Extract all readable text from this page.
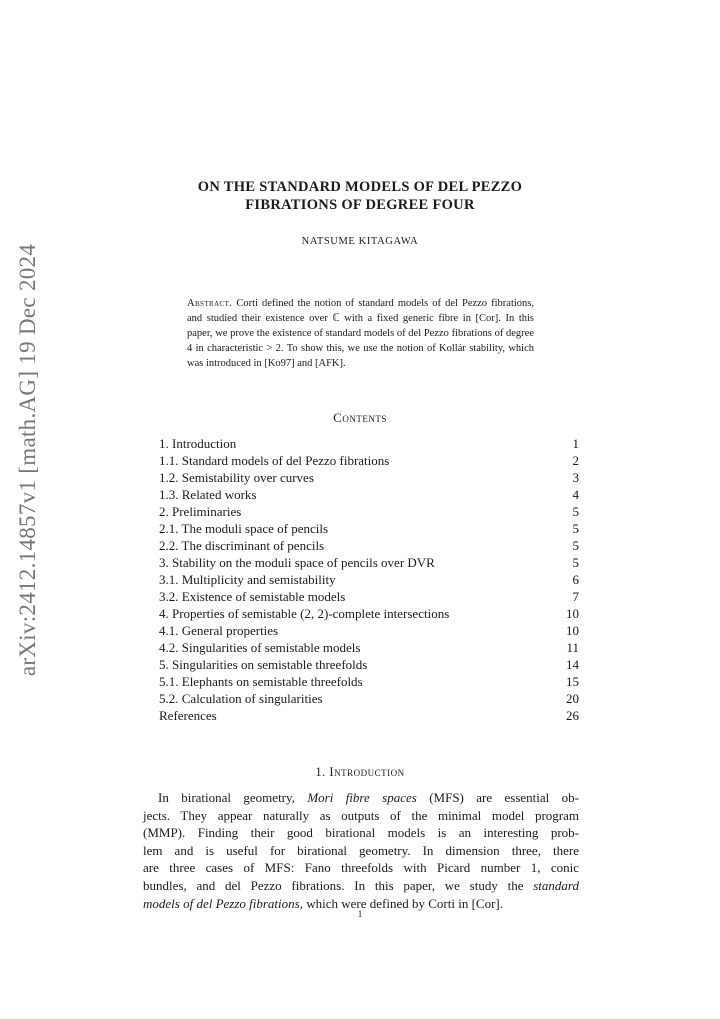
arXiv:2412.14857v1 [math.AG] 19 Dec 2024
ON THE STANDARD MODELS OF DEL PEZZO
FIBRATIONS OF DEGREE FOUR
NATSUME KITAGAWA
Abstract. Corti defined the notion of standard models of del Pezzo fibrations, and studied their existence over ℂ with a fixed generic fibre in [Cor]. In this paper, we prove the existence of standard models of del Pezzo fibrations of degree 4 in characteristic > 2. To show this, we use the notion of Kollár stability, which was introduced in [Ko97] and [AFK].
Contents
1. Introduction	1
1.1. Standard models of del Pezzo fibrations	2
1.2. Semistability over curves	3
1.3. Related works	4
2. Preliminaries	5
2.1. The moduli space of pencils	5
2.2. The discriminant of pencils	5
3. Stability on the moduli space of pencils over DVR	5
3.1. Multiplicity and semistability	6
3.2. Existence of semistable models	7
4. Properties of semistable (2, 2)-complete intersections	10
4.1. General properties	10
4.2. Singularities of semistable models	11
5. Singularities on semistable threefolds	14
5.1. Elephants on semistable threefolds	15
5.2. Calculation of singularities	20
References	26
1. Introduction
In birational geometry, Mori fibre spaces (MFS) are essential ob-
jects. They appear naturally as outputs of the minimal model program
(MMP). Finding their good birational models is an interesting prob-
lem and is useful for birational geometry. In dimension three, there
are three cases of MFS: Fano threefolds with Picard number 1, conic
bundles, and del Pezzo fibrations. In this paper, we study the standard
models of del Pezzo fibrations, which were defined by Corti in [Cor].
1
